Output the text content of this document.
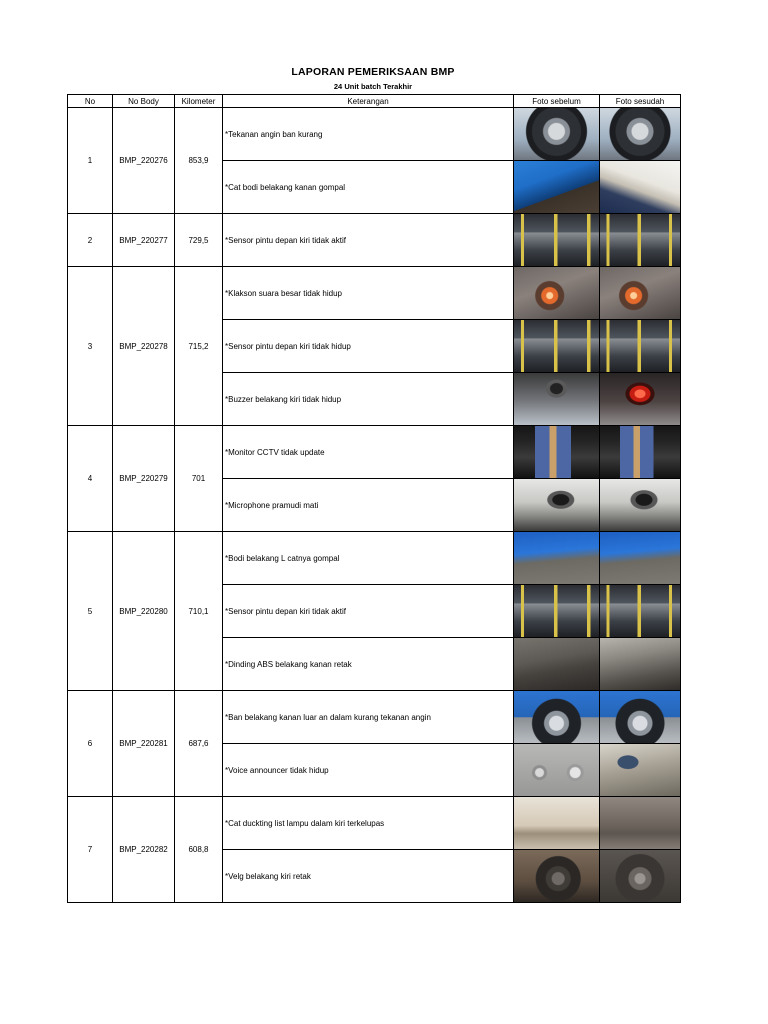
LAPORAN PEMERIKSAAN BMP
24 Unit batch Terakhir
No	No Body	Kilometer	Keterangan	Foto sebelum	Foto sesudah
1	BMP_220276	853,9	*Tekanan angin ban kurang	

			*Cat bodi belakang kanan gompal	

2	BMP_220277	729,5	*Sensor pintu depan kiri tidak aktif	

3	BMP_220278	715,2	*Klakson suara besar tidak hidup	

			*Sensor pintu depan kiri tidak hidup	

			*Buzzer belakang kiri tidak hidup	

4	BMP_220279	701	*Monitor CCTV tidak update	

			*Microphone pramudi mati	

5	BMP_220280	710,1	*Bodi belakang L catnya gompal	

			*Sensor pintu depan kiri tidak aktif	

			*Dinding ABS belakang kanan retak	

6	BMP_220281	687,6	*Ban belakang kanan luar an dalam kurang tekanan angin	

			*Voice announcer tidak hidup	

7	BMP_220282	608,8	*Cat duckting list lampu dalam kiri terkelupas	

			*Velg belakang kiri retak	
